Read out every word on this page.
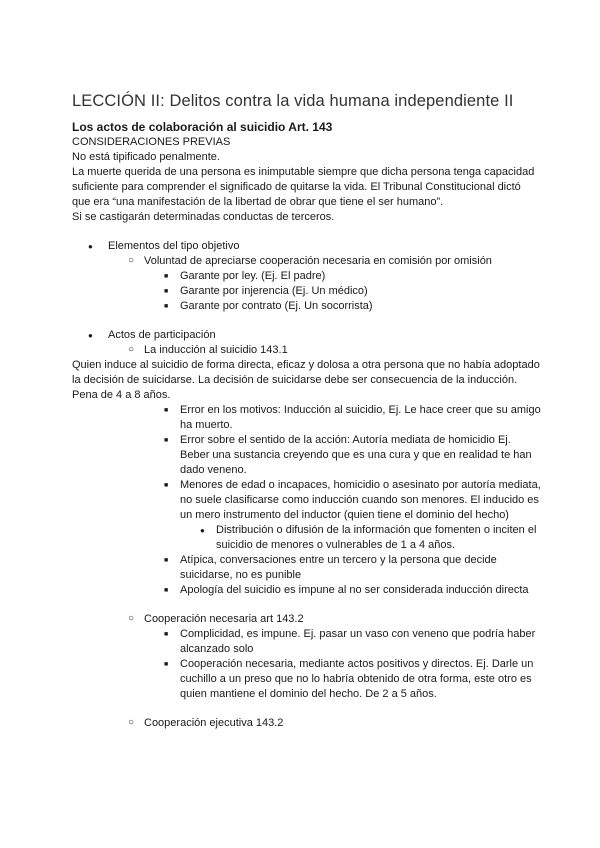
LECCIÓN II: Delitos contra la vida humana independiente II
Los actos de colaboración al suicidio Art. 143
CONSIDERACIONES PREVIAS
No está tipificado penalmente.
La muerte querida de una persona es inimputable siempre que dicha persona tenga capacidad suficiente para comprender el significado de quitarse la vida. El Tribunal Constitucional dictó que era “una manifestación de la libertad de obrar que tiene el ser humano”.
Si se castigarán determinadas conductas de terceros.
● Elementos del tipo objetivo
○ Voluntad de apreciarse cooperación necesaria en comisión por omisión
■ Garante por ley. (Ej. El padre)
■ Garante por injerencia (Ej. Un médico)
■ Garante por contrato (Ej. Un socorrista)
● Actos de participación
○ La inducción al suicidio 143.1
Quien induce al suicidio de forma directa, eficaz y dolosa a otra persona que no había adoptado la decisión de suicidarse. La decisión de suicidarse debe ser consecuencia de la inducción. Pena de 4 a 8 años.
■ Error en los motivos: Inducción al suicidio, Ej. Le hace creer que su amigo ha muerto.
■ Error sobre el sentido de la acción: Autoría mediata de homicidio Ej. Beber una sustancia creyendo que es una cura y que en realidad te han dado veneno.
■ Menores de edad o incapaces, homicidio o asesinato por autoría mediata, no suele clasificarse como inducción cuando son menores. El inducido es un mero instrumento del inductor (quien tiene el dominio del hecho)
● Distribución o difusión de la información que fomenten o inciten el suicidio de menores o vulnerables de 1 a 4 años.
■ Atípica, conversaciones entre un tercero y la persona que decide suicidarse, no es punible
■ Apología del suicidio es impune al no ser considerada inducción directa
○ Cooperación necesaria art 143.2
■ Complicidad, es impune. Ej. pasar un vaso con veneno que podría haber alcanzado solo
■ Cooperación necesaria, mediante actos positivos y directos. Ej. Darle un cuchillo a un preso que no lo habría obtenido de otra forma, este otro es quien mantiene el dominio del hecho. De 2 a 5 años.
○ Cooperación ejecutiva 143.2
